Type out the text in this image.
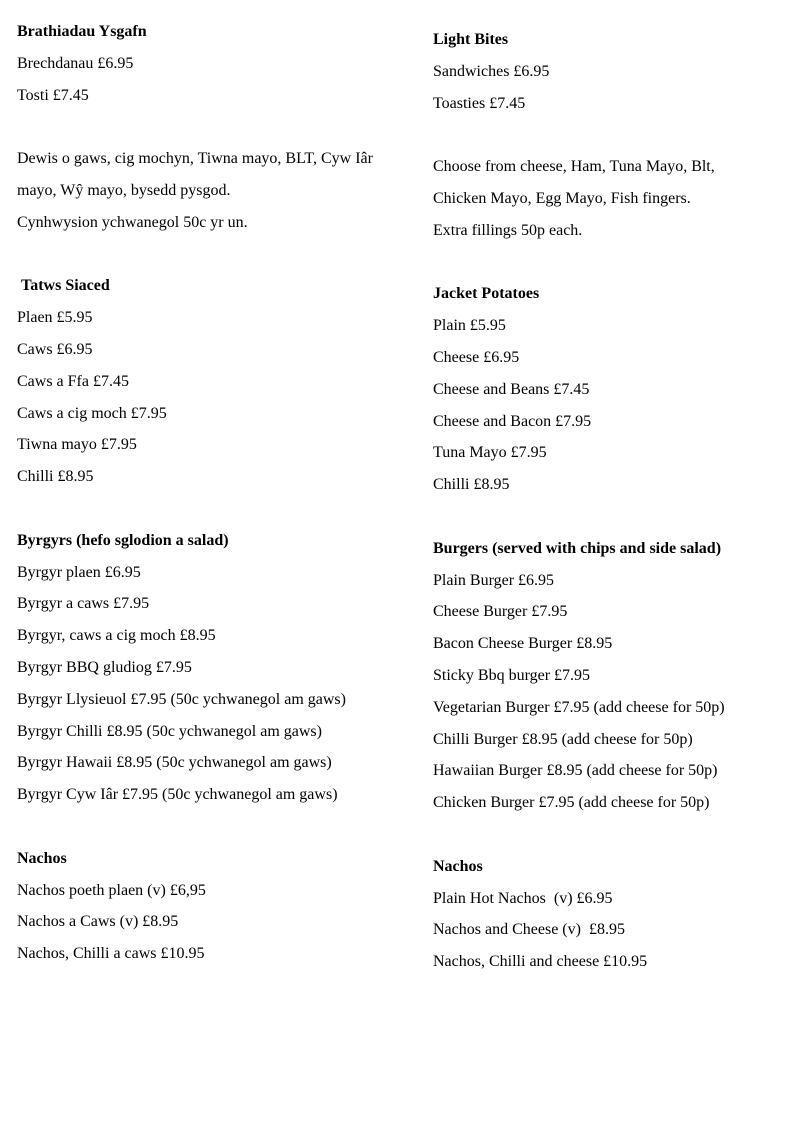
Brathiadau Ysgafn

Brechdanau £6.95

Tosti £7.45

Dewis o gaws, cig mochyn, Tiwna mayo, BLT, Cyw Iâr

mayo, Wŷ mayo, bysedd pysgod.

Cynhwysion ychwanegol 50c yr un.

Tatws Siaced

Plaen £5.95

Caws £6.95

Caws a Ffa £7.45

Caws a cig moch £7.95

Tiwna mayo £7.95

Chilli £8.95

Byrgyrs (hefo sglodion a salad)

Byrgyr plaen £6.95

Byrgyr a caws £7.95

Byrgyr, caws a cig moch £8.95

Byrgyr BBQ gludiog £7.95

Byrgyr Llysieuol £7.95 (50c ychwanegol am gaws)

Byrgyr Chilli £8.95 (50c ychwanegol am gaws)

Byrgyr Hawaii £8.95 (50c ychwanegol am gaws)

Byrgyr Cyw Iâr £7.95 (50c ychwanegol am gaws)

Nachos

Nachos poeth plaen (v) £6,95

Nachos a Caws (v) £8.95

Nachos, Chilli a caws £10.95

Light Bites

Sandwiches £6.95

Toasties £7.45

Choose from cheese, Ham, Tuna Mayo, Blt,

Chicken Mayo, Egg Mayo, Fish fingers.

Extra fillings 50p each.

Jacket Potatoes

Plain £5.95

Cheese £6.95

Cheese and Beans £7.45

Cheese and Bacon £7.95

Tuna Mayo £7.95

Chilli £8.95

Burgers (served with chips and side salad)

Plain Burger £6.95

Cheese Burger £7.95

Bacon Cheese Burger £8.95

Sticky Bbq burger £7.95

Vegetarian Burger £7.95 (add cheese for 50p)

Chilli Burger £8.95 (add cheese for 50p)

Hawaiian Burger £8.95 (add cheese for 50p)

Chicken Burger £7.95 (add cheese for 50p)

Nachos

Plain Hot Nachos  (v) £6.95

Nachos and Cheese (v)  £8.95

Nachos, Chilli and cheese £10.95
